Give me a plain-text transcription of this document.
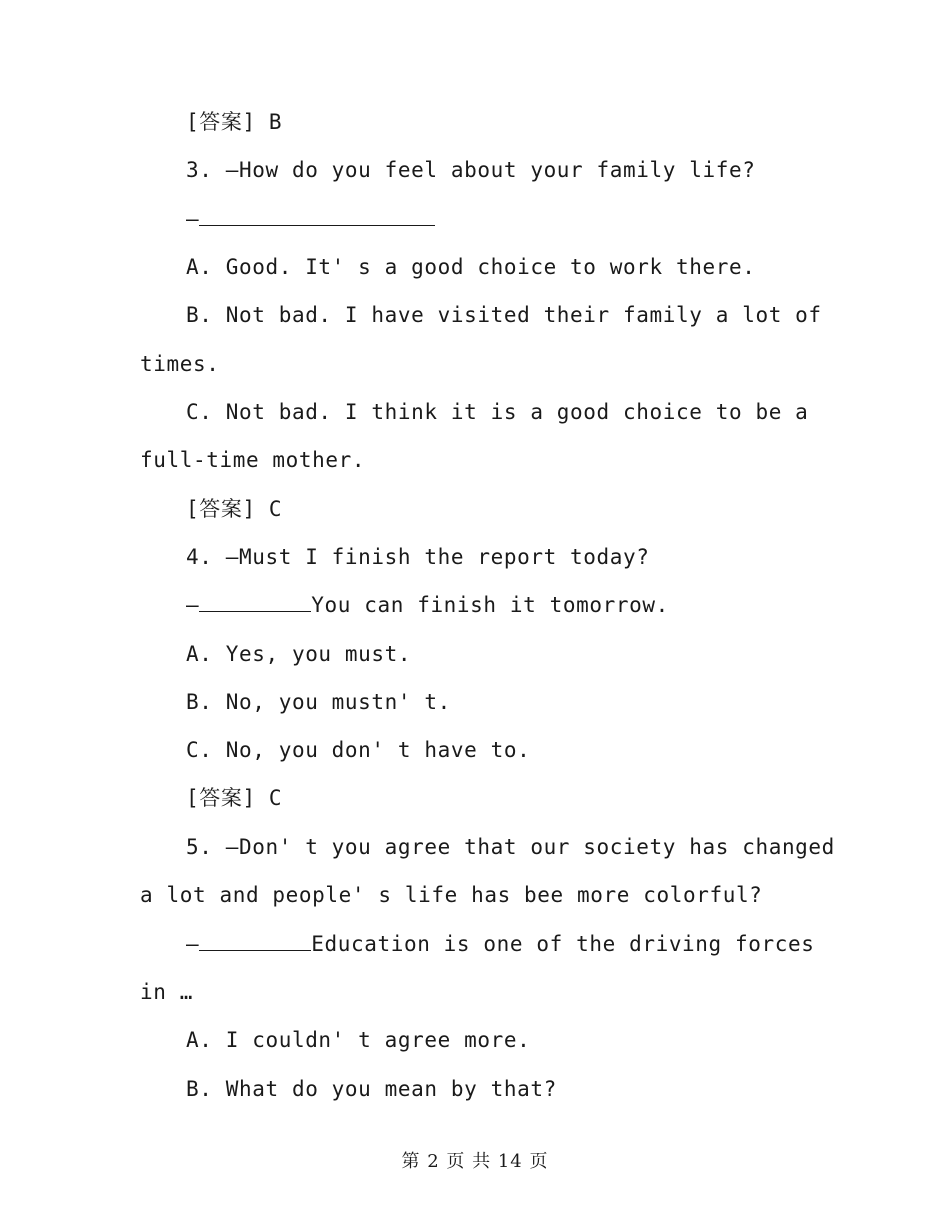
[答案] B
3. —How do you feel about your family life?
—
A. Good. It' s a good choice to work there.
B. Not bad. I have visited their family a lot of
times.
C. Not bad. I think it is a good choice to be a
full-time mother.
[答案] C
4. —Must I finish the report today?
—	You can finish it tomorrow.
A. Yes, you must.
B. No, you mustn' t.
C. No, you don' t have to.
[答案] C
5. —Don' t you agree that our society has changed
a lot and people' s life has bee more colorful?
—	Education is one of the driving forces
in …
A. I couldn' t agree more.
B. What do you mean by that?
第 2 页 共 14 页
